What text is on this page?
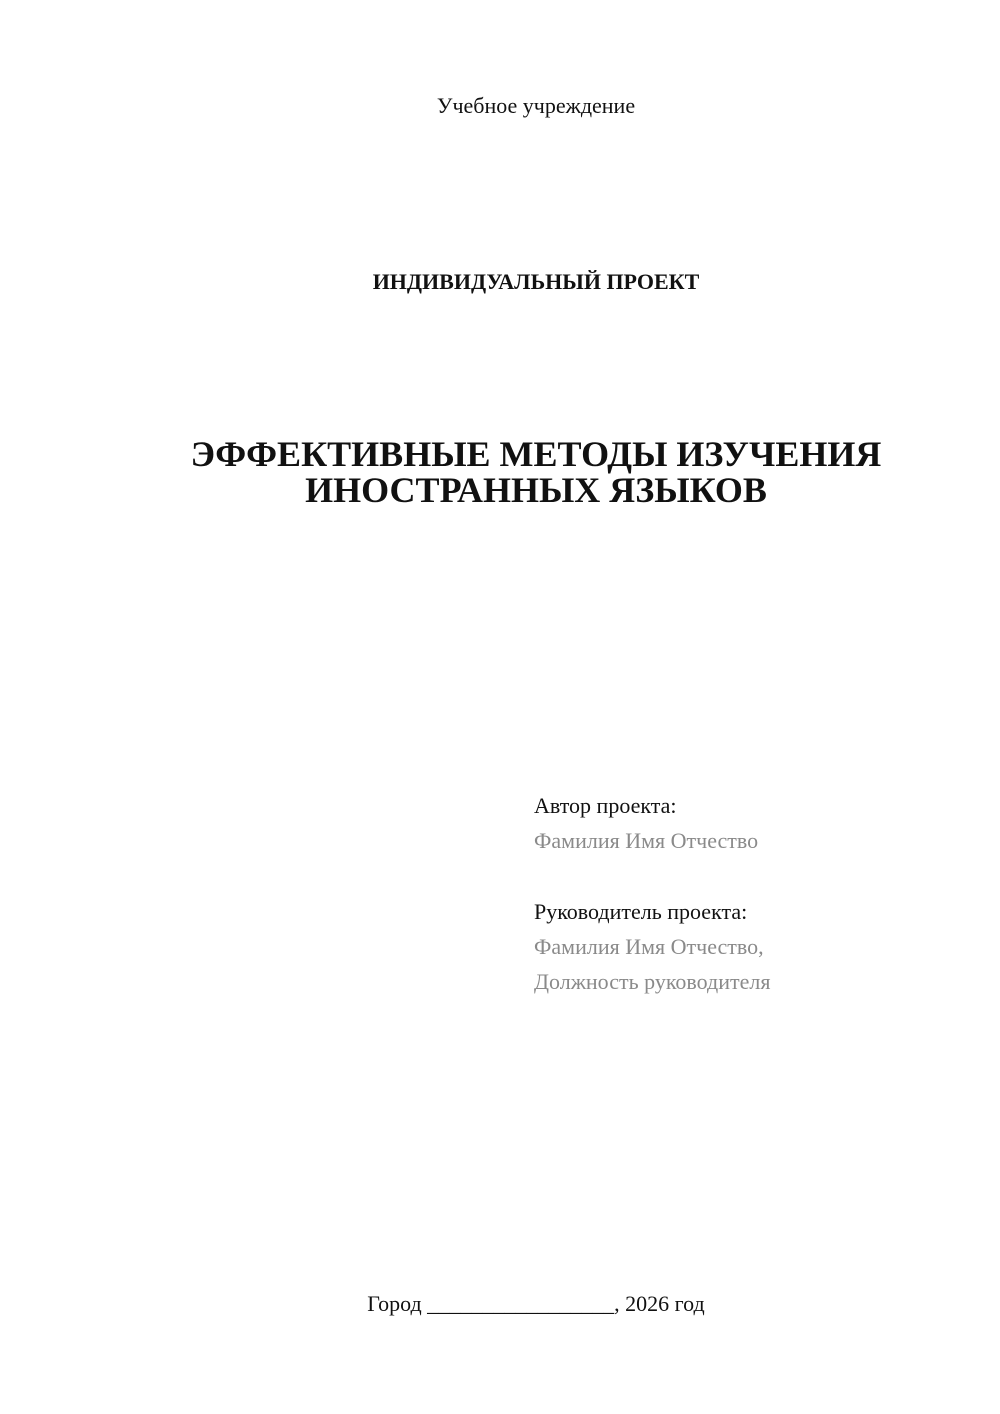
Учебное учреждение
ИНДИВИДУАЛЬНЫЙ ПРОЕКТ
ЭФФЕКТИВНЫЕ МЕТОДЫ ИЗУЧЕНИЯ
ИНОСТРАННЫХ ЯЗЫКОВ
Автор проекта:
Фамилия Имя Отчество
Руководитель проекта:
Фамилия Имя Отчество,
Должность руководителя
Город _________________, 2026 год
